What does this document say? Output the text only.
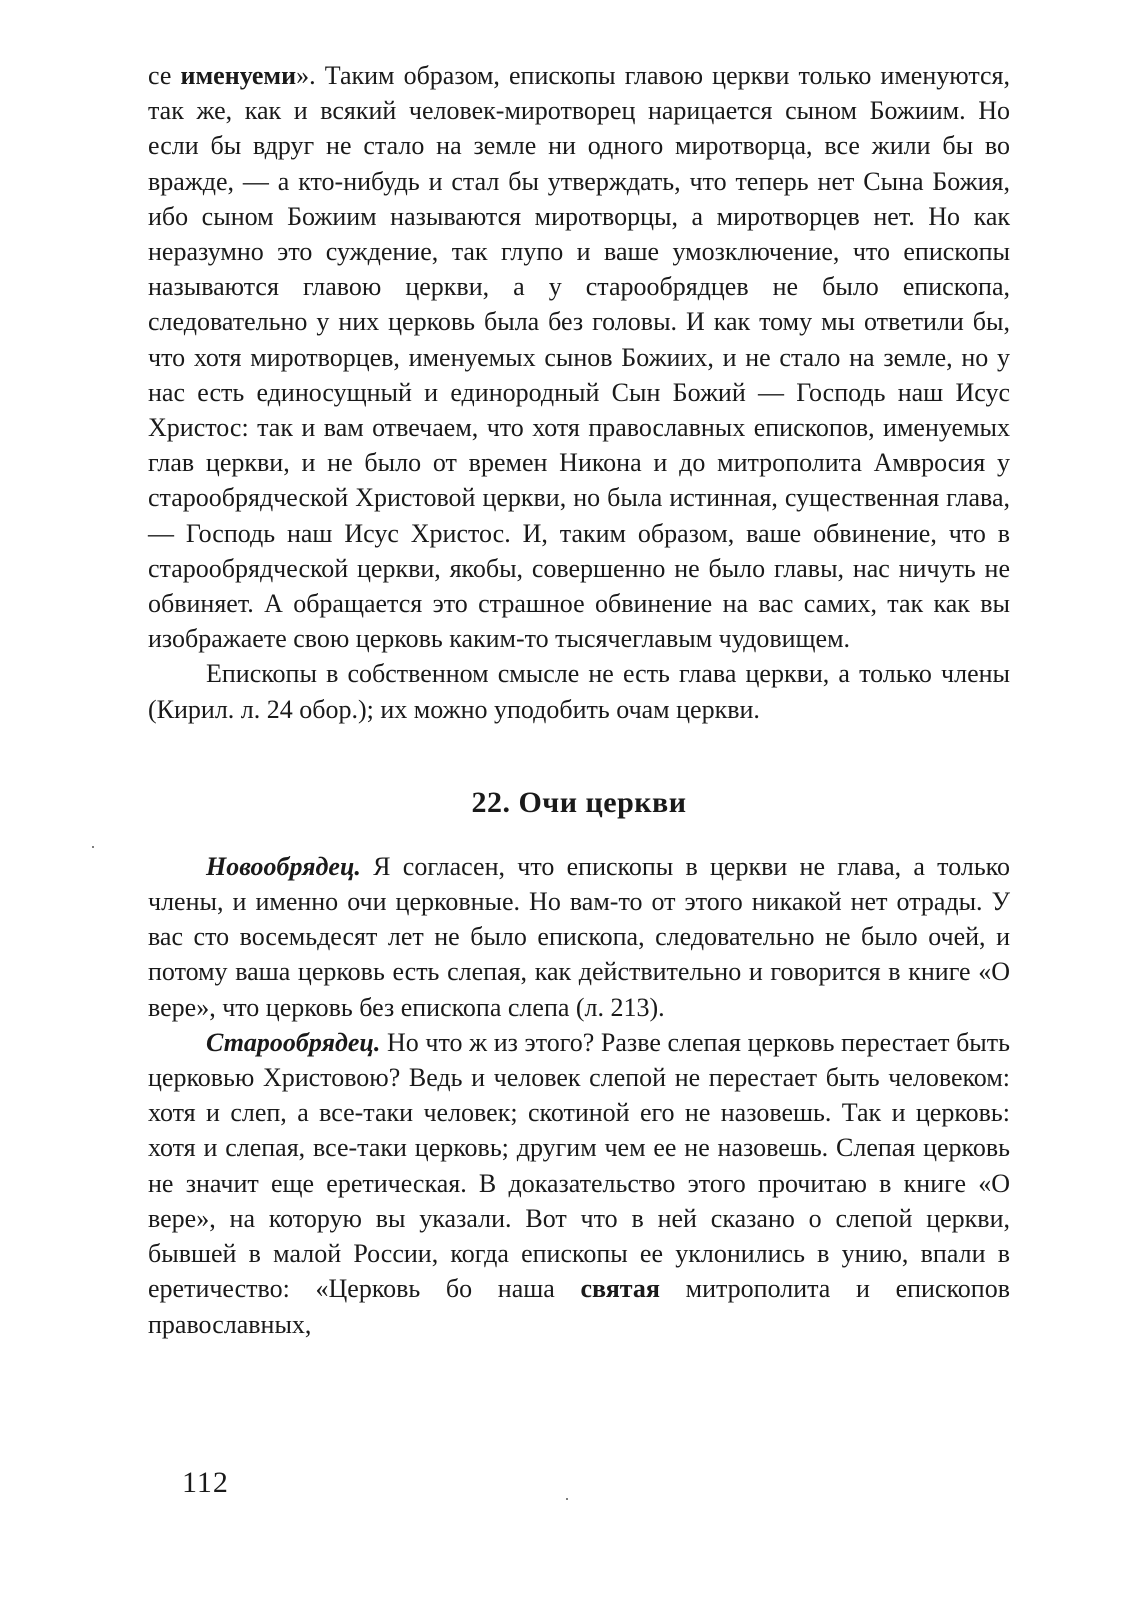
се именуеми». Таким образом, епископы главою церкви только именуются, так же, как и всякий человек-миротворец нарицается сыном Божиим. Но если бы вдруг не стало на земле ни одного миротворца, все жили бы во вражде, — а кто-нибудь и стал бы утверждать, что теперь нет Сына Божия, ибо сыном Божиим называются миротворцы, а миротворцев нет. Но как неразумно это суждение, так глупо и ваше умозключение, что епископы называются главою церкви, а у старообрядцев не было епископа, следовательно у них церковь была без головы. И как тому мы ответили бы, что хотя миротворцев, именуемых сынов Божиих, и не стало на земле, но у нас есть единосущный и единородный Сын Божий — Господь наш Исус Христос: так и вам отвечаем, что хотя православных епископов, именуемых глав церкви, и не было от времен Никона и до митрополита Амвросия у старообрядческой Христовой церкви, но была истинная, существенная глава, — Господь наш Исус Христос. И, таким образом, ваше обвинение, что в старообрядческой церкви, якобы, совершенно не было главы, нас ничуть не обвиняет. А обращается это страшное обвинение на вас самих, так как вы изображаете свою церковь каким-то тысячеглавым чудовищем.

Епископы в собственном смысле не есть глава церкви, а только члены (Кирил. л. 24 обор.); их можно уподобить очам церкви.

22. Очи церкви

Новообрядец. Я согласен, что епископы в церкви не глава, а только члены, и именно очи церковные. Но вам-то от этого никакой нет отрады. У вас сто восемьдесят лет не было епископа, следовательно не было очей, и потому ваша церковь есть слепая, как действительно и говорится в книге «О вере», что церковь без епископа слепа (л. 213).

Старообрядец. Но что ж из этого? Разве слепая церковь перестает быть церковью Христовою? Ведь и человек слепой не перестает быть человеком: хотя и слеп, а все-таки человек; скотиной его не назовешь. Так и церковь: хотя и слепая, все-таки церковь; другим чем ее не назовешь. Слепая церковь не значит еще еретическая. В доказательство этого прочитаю в книге «О вере», на которую вы указали. Вот что в ней сказано о слепой церкви, бывшей в малой России, когда епископы ее уклонились в унию, впали в еретичество: «Церковь бо наша святая митрополита и епископов православных,

112
